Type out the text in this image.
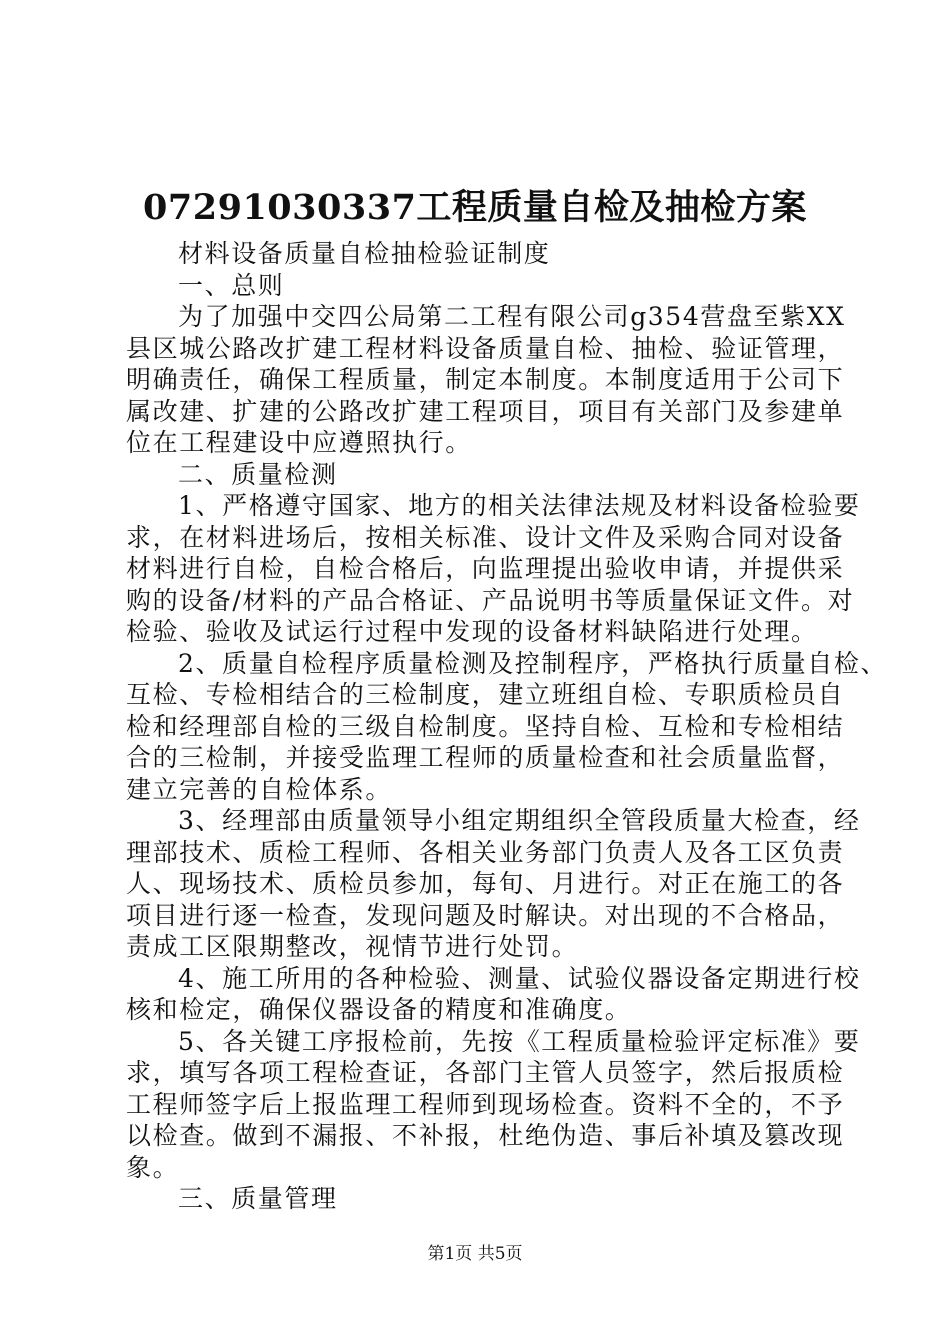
07291030337工程质量自检及抽检方案
材料设备质量自检抽检验证制度
一、总则
为了加强中交四公局第二工程有限公司g354营盘至紫XX
县区城公路改扩建工程材料设备质量自检、抽检、验证管理，
明确责任，确保工程质量，制定本制度。本制度适用于公司下
属改建、扩建的公路改扩建工程项目，项目有关部门及参建单
位在工程建设中应遵照执行。
二、质量检测
1、严格遵守国家、地方的相关法律法规及材料设备检验要
求，在材料进场后，按相关标准、设计文件及采购合同对设备
材料进行自检，自检合格后，向监理提出验收申请，并提供采
购的设备/材料的产品合格证、产品说明书等质量保证文件。对
检验、验收及试运行过程中发现的设备材料缺陷进行处理。
2、质量自检程序质量检测及控制程序，严格执行质量自检、
互检、专检相结合的三检制度，建立班组自检、专职质检员自
检和经理部自检的三级自检制度。坚持自检、互检和专检相结
合的三检制，并接受监理工程师的质量检查和社会质量监督，
建立完善的自检体系。
3、经理部由质量领导小组定期组织全管段质量大检查，经
理部技术、质检工程师、各相关业务部门负责人及各工区负责
人、现场技术、质检员参加，每旬、月进行。对正在施工的各
项目进行逐一检查，发现问题及时解诀。对出现的不合格品，
责成工区限期整改，视情节进行处罚。
4、施工所用的各种检验、测量、试验仪器设备定期进行校
核和检定，确保仪器设备的精度和准确度。
5、各关键工序报检前，先按《工程质量检验评定标准》要
求，填写各项工程检查证，各部门主管人员签字，然后报质检
工程师签字后上报监理工程师到现场检查。资料不全的，不予
以检查。做到不漏报、不补报，杜绝伪造、事后补填及篡改现
象。
三、质量管理
第1页 共5页
